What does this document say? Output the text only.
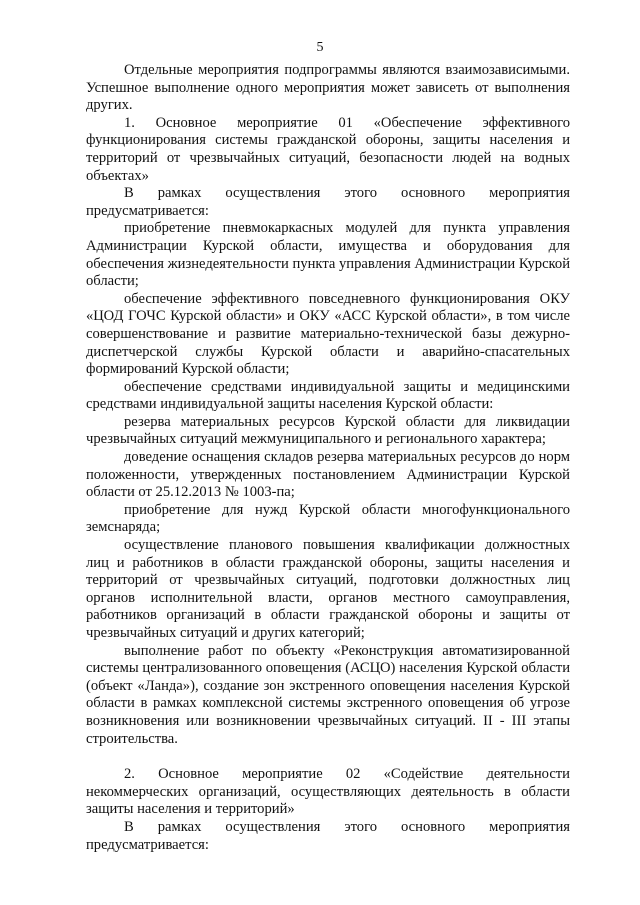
5

Отдельные мероприятия подпрограммы являются взаимозависимыми. Успешное выполнение одного мероприятия может зависеть от выполнения других.

1. Основное мероприятие 01 «Обеспечение эффективного функционирования системы гражданской обороны, защиты населения и территорий от чрезвычайных ситуаций, безопасности людей на водных объектах»

В рамках осуществления этого основного мероприятия предусматривается:

приобретение пневмокаркасных модулей для пункта управления Администрации Курской области, имущества и оборудования для обеспечения жизнедеятельности пункта управления Администрации Курской области;

обеспечение эффективного повседневного функционирования ОКУ «ЦОД ГОЧС Курской области» и ОКУ «АСС Курской области», в том числе совершенствование и развитие материально-технической базы дежурно-диспетчерской службы Курской области и аварийно-спасательных формирований Курской области;

обеспечение средствами индивидуальной защиты и медицинскими средствами индивидуальной защиты населения Курской области:

резерва материальных ресурсов Курской области для ликвидации чрезвычайных ситуаций межмуниципального и регионального характера;

доведение оснащения складов резерва материальных ресурсов до норм положенности, утвержденных постановлением Администрации Курской области от 25.12.2013 № 1003-па;

приобретение для нужд Курской области многофункционального земснаряда;

осуществление планового повышения квалификации должностных лиц и работников в области гражданской обороны, защиты населения и территорий от чрезвычайных ситуаций, подготовки должностных лиц органов исполнительной власти, органов местного самоуправления, работников организаций в области гражданской обороны и защиты от чрезвычайных ситуаций и других категорий;

выполнение работ по объекту «Реконструкция автоматизированной системы централизованного оповещения (АСЦО) населения Курской области (объект «Ланда»), создание зон экстренного оповещения населения Курской области в рамках комплексной системы экстренного оповещения об угрозе возникновения или возникновении чрезвычайных ситуаций. II - III этапы строительства.

2. Основное мероприятие 02 «Содействие деятельности некоммерческих организаций, осуществляющих деятельность в области защиты населения и территорий»

В рамках осуществления этого основного мероприятия предусматривается:
